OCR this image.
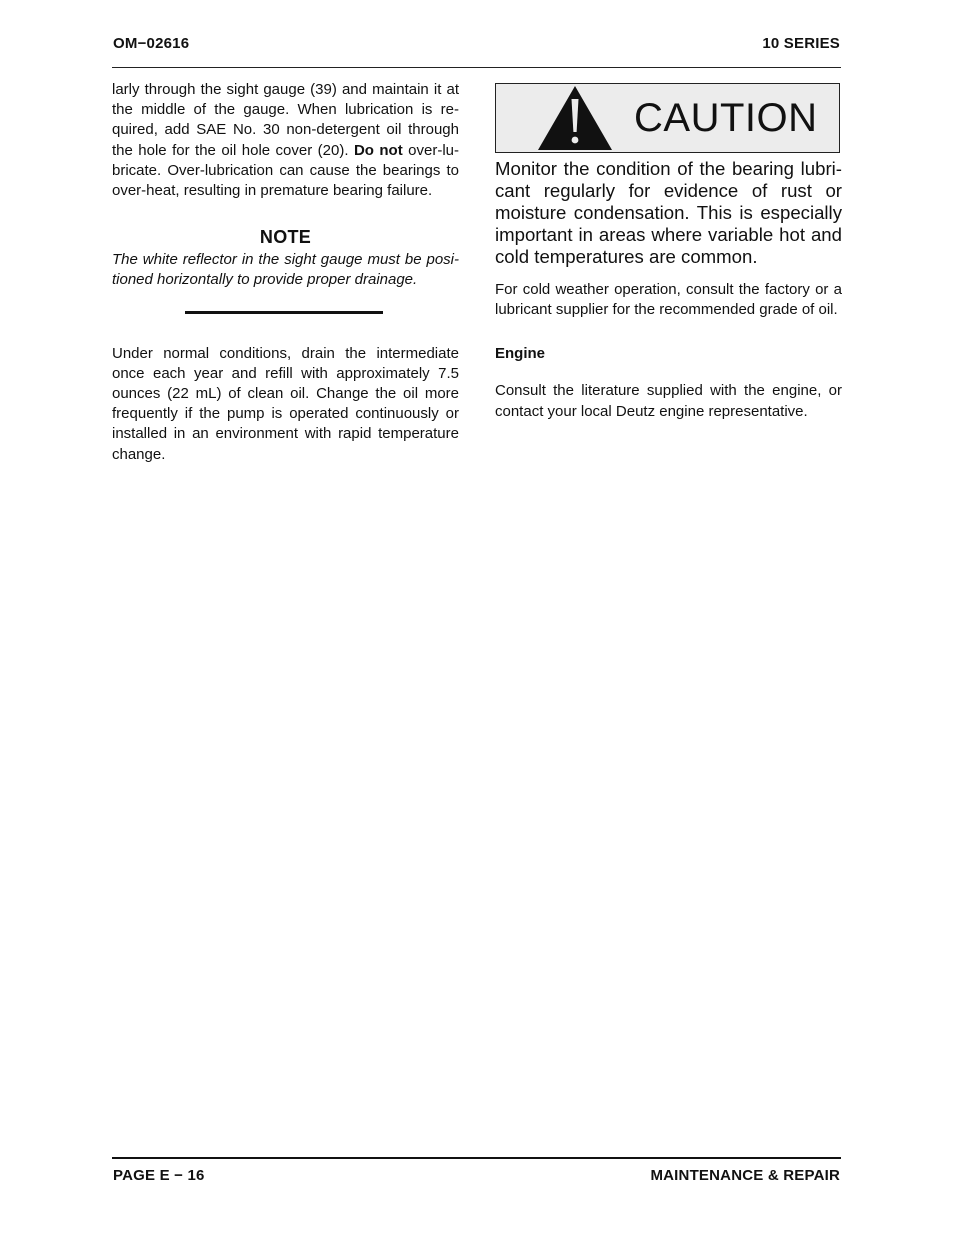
OM−02616	10 SERIES

larly through the sight gauge (39) and maintain it at the middle of the gauge. When lubrication is required, add SAE No. 30 non-detergent oil through the hole for the oil hole cover (20). Do not over-lubricate. Over-lubrication can cause the bearings to over-heat, resulting in premature bearing failure.

NOTE

The white reflector in the sight gauge must be positioned horizontally to provide proper drainage.

Under normal conditions, drain the intermediate once each year and refill with approximately 7.5 ounces (22 mL) of clean oil. Change the oil more frequently if the pump is operated continuously or installed in an environment with rapid temperature change.

CAUTION

Monitor the condition of the bearing lubricant regularly for evidence of rust or moisture condensation. This is especially important in areas where variable hot and cold temperatures are common.

For cold weather operation, consult the factory or a lubricant supplier for the recommended grade of oil.

Engine

Consult the literature supplied with the engine, or contact your local Deutz engine representative.

PAGE E − 16	MAINTENANCE & REPAIR
